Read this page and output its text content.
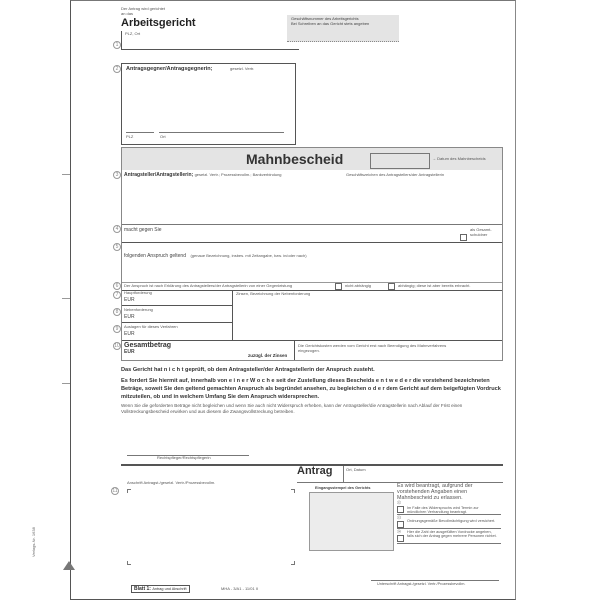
Der Antrag wird gerichtet
an das
Arbeitsgericht
PLZ, Ort
1
Geschäftsnummer des Arbeitsgerichts
Bei Schreiben an das Gericht stets angeben
2	Antragsgegner/Antragsgegnerin;	gesetzl. Vertr.
PLZ	Ort
Mahnbescheid	→ Datum des Mahnbescheids
Antragsteller/Antragstellerin; gesetzl. Vertr.; Prozessbevollm.; Bankverbindung	Geschäftszeichen des Antragstellers/der Antragstellerin
macht gegen Sie	als Gesamt-schuldner
folgenden Anspruch geltend (genaue Bezeichnung, insbes. mit Zeitangabe, bzw. in/oder nach)
Der Anspruch ist nach Erklärung des Antragstellers/der Antragstellerin von einer Gegenleistung	nicht abhängig	abhängig; diese ist aber bereits erbracht.
Hauptforderung
EUR
Nebenforderung
EUR
Auslagen für dieses Verfahren
EUR
Zinsen, Bezeichnung der Nebenforderung
Gesamtbetrag
EUR
zuzügl. der Zinsen
Die Gerichtskosten werden vom Gericht erst nach Beendigung des Mahnverfahrens eingezogen.
3
4
5
6
7
8
9
10
Das Gericht hat n i c h t geprüft, ob dem Antragsteller/der Antragstellerin der Anspruch zusteht.
Es fordert Sie hiermit auf, innerhalb von e i n e r W o c h e seit der Zustellung dieses Bescheids e n t w e d e r die vorstehend bezeichneten Beträge, soweit Sie den geltend gemachten Anspruch als begründet ansehen, zu begleichen o d e r dem Gericht auf dem beigefügten Vordruck mitzuteilen, ob und in welchem Umfang Sie dem Anspruch widersprechen.
Wenn Sie die geforderten Beträge nicht begleichen und wenn Sie auch nicht Widerspruch erheben, kann der Antragsteller/die Antragstellerin nach Ablauf der Frist einen Vollstreckungsbescheid erwirken und aus diesem die Zwangsvollstreckung betreiben.
Rechtspfleger/Rechtspflegerin
Antrag	Ort, Datum
Anschrift Antragst./gesetzl. Vertr./Prozessbevollm.
11	Eingangsstempel des Gerichts	Es wird beantragt, aufgrund der vorstehenden Angaben einen Mahnbescheid zu erlassen.
㉜
Im Falle des Widerspruchs wird Termin zur mündlichen Verhandlung beantragt.
㉝
Ordnungsgemäße Bevollmächtigung wird versichert.
㉞ Hier die Zahl der ausgefüllten Vordrucke angeben, falls sich der Antrag gegen mehrere Personen richtet.
Unterschrift Antragst./gesetzl. Vertr./Prozessbevollm.
Verlags-Nr. 1638
Blatt 1: Antrag und Abschrift	MHA - 3/A1 - 11/01 II
